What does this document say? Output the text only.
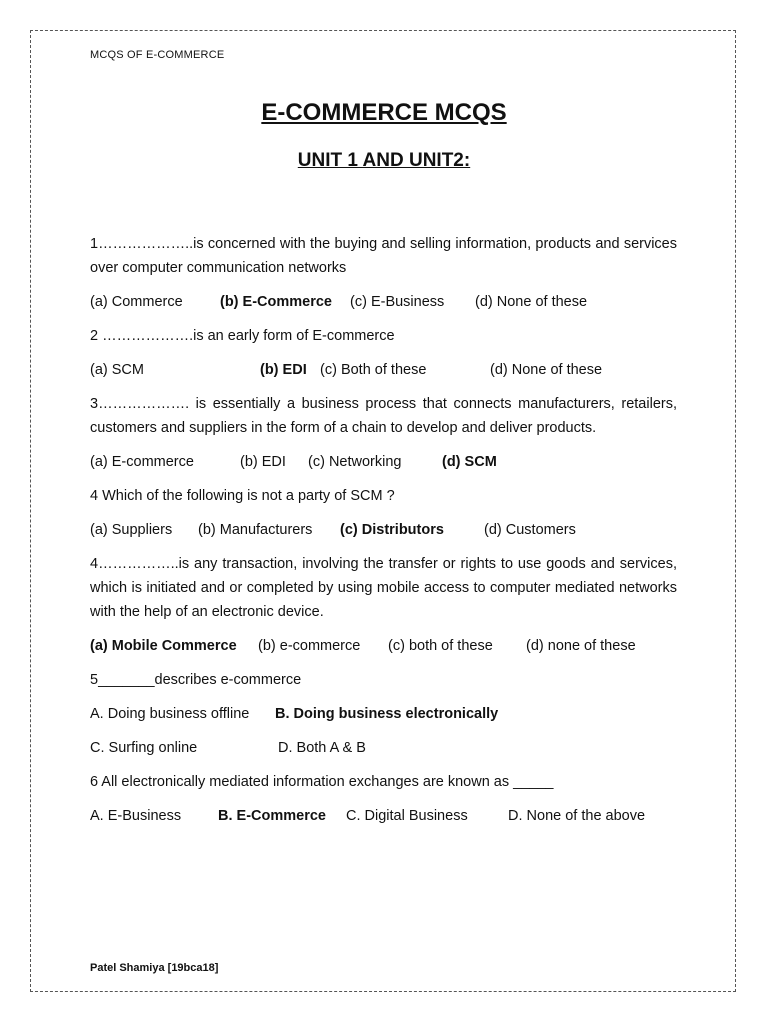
MCQS OF E-COMMERCE
E-COMMERCE MCQS
UNIT 1 AND UNIT2:
1………………..is concerned with the buying and selling information, products and services over computer communication networks
(a) Commerce	(b) E-Commerce (c) E-Business (d) None of these
2 ……………….is an early form of E-commerce
(a) SCM	(b) EDI (c) Both of these	(d) None of these
3………………. is essentially a business process that connects manufacturers, retailers, customers and suppliers in the form of a chain to develop and deliver products.
(a) E-commerce	(b) EDI (c) Networking	(d) SCM
4 Which of the following is not a party of SCM ?
(a) Suppliers (b) Manufacturers (c) Distributors	(d) Customers
4……………..is any transaction, involving the transfer or rights to use goods and services, which is initiated and or completed by using mobile access to computer mediated networks with the help of an electronic device.
(a) Mobile Commerce (b) e-commerce (c) both of these (d) none of these
5_______describes e-commerce
A. Doing business offline B. Doing business electronically
C. Surfing online	D. Both A & B
6 All electronically mediated information exchanges are known as _____
A. E-Business	B. E-Commerce C. Digital Business	D. None of the above
Patel Shamiya [19bca18]
